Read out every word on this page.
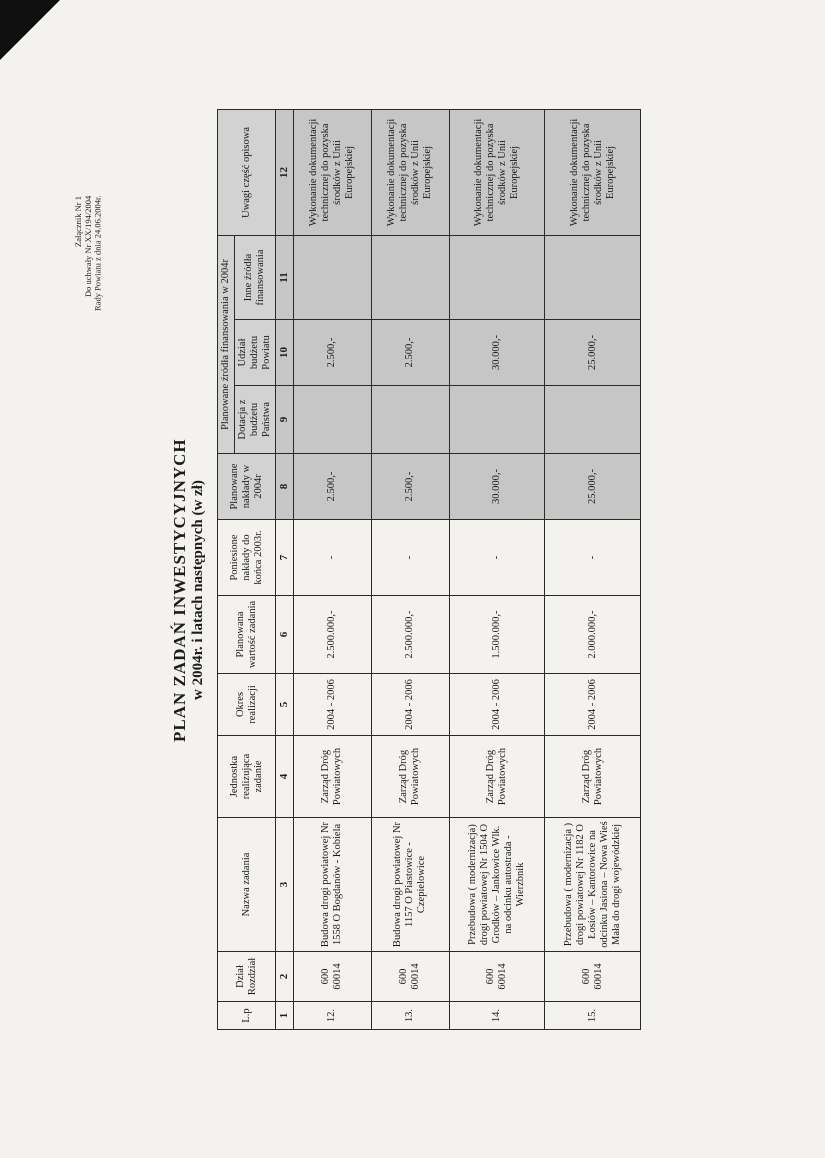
Załącznik Nr 1 Do uchwały Nr XX/194/2004 Rady Powiatu z dnia 24.06.2004r.
PLAN ZADAŃ INWESTYCYJNYCH w 2004r. i latach następnych (w zł)
L.p	Dział Rozdział	Nazwa zadania	Jednostka realizująca zadanie	Okres realizacji	Planowana wartość zadania	Poniesione nakłady do końca 2003r.	Planowane nakłady w 2004r	Planowane źródła finansowania w 2004r			Uwagi część opisowa
								Dotacja z budżetu Państwa	Udział budżetu Powiatu	Inne źródła finansowania	
1	2	3	4	5	6	7	8	9	10	11	12
12.	600 60014	Budowa drogi powiatowej Nr 1558 O Bogdanów - Kobiela	Zarząd Dróg Powiatowych	2004 - 2006	2.500.000,-	-	2.500,-		2.500,-		Wykonanie dokumentacji technicznej do pozyska środków z Unii Europejskiej
13.	600 60014	Budowa drogi powiatowej Nr 1157 O Piastowice - Czepielowice	Zarząd Dróg Powiatowych	2004 - 2006	2.500.000,-	-	2.500,-		2.500,-		Wykonanie dokumentacji technicznej do pozyska środków z Unii Europejskiej
14.	600 60014	Przebudowa ( modernizacja) drogi powiatowej Nr 1504 O Grodków – Jankowice Wlk. na odcinku autostrada - Wierzbnik	Zarząd Dróg Powiatowych	2004 - 2006	1.500.000,-	-	30.000,-		30.000,-		Wykonanie dokumentacji technicznej do pozyska środków z Unii Europejskiej
15.	600 60014	Przebudowa ( modernizacja ) drogi powiatowej Nr 1182 O Łosiów – Kantorowice na odcinku Jasiona – Nowa Wieś Mała do drogi wojewódzkiej	Zarząd Dróg Powiatowych	2004 - 2006	2.000.000,-	-	25.000,-		25.000,-		Wykonanie dokumentacji technicznej do pozyska środków z Unii Europejskiej
